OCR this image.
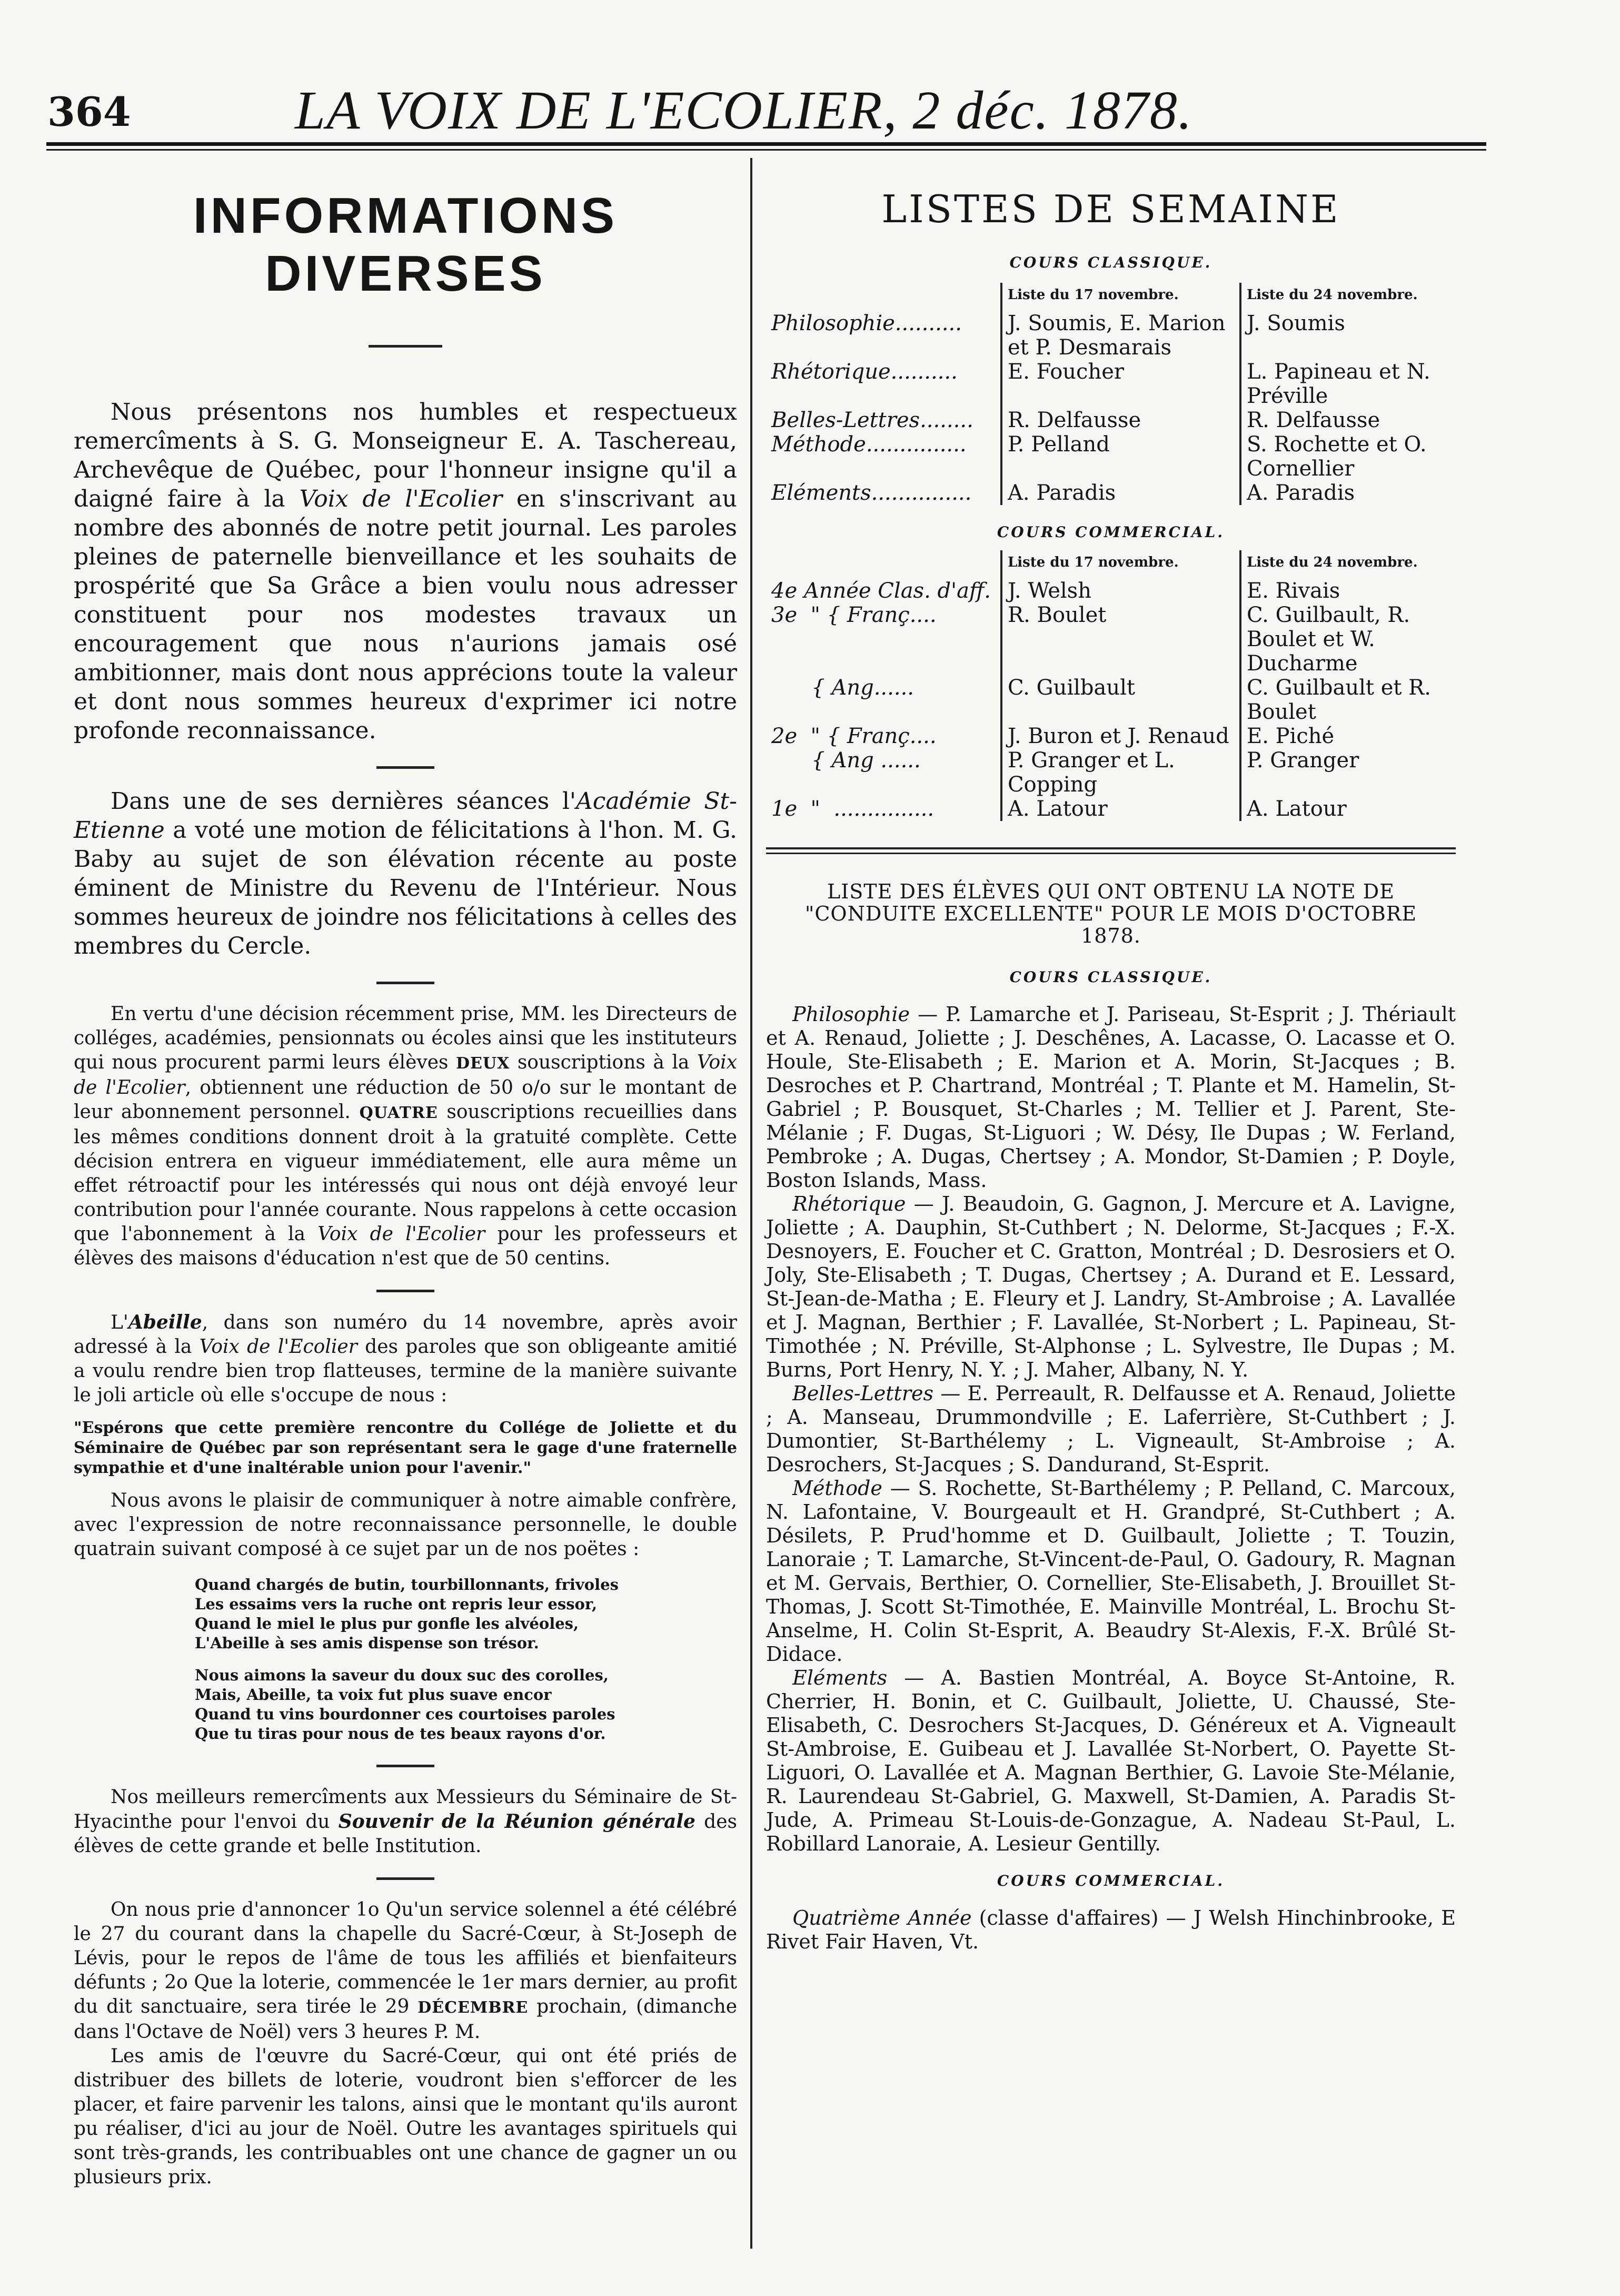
364	LA VOIX DE L'ECOLIER, 2 déc. 1878.

INFORMATIONS DIVERSES

Nous présentons nos humbles et respectueux remercîments à S. G. Monseigneur E. A. Taschereau, Archevêque de Québec, pour l'honneur insigne qu'il a daigné faire à la Voix de l'Ecolier en s'inscrivant au nombre des abonnés de notre petit journal. Les paroles pleines de paternelle bienveillance et les souhaits de prospérité que Sa Grâce a bien voulu nous adresser constituent pour nos modestes travaux un encouragement que nous n'aurions jamais osé ambitionner, mais dont nous apprécions toute la valeur et dont nous sommes heureux d'exprimer ici notre profonde reconnaissance.

Dans une de ses dernières séances l'Académie St-Etienne a voté une motion de félicitations à l'hon. M. G. Baby au sujet de son élévation récente au poste éminent de Ministre du Revenu de l'Intérieur. Nous sommes heureux de joindre nos félicitations à celles des membres du Cercle.

En vertu d'une décision récemment prise, MM. les Directeurs de colléges, académies, pensionnats ou écoles ainsi que les instituteurs qui nous procurent parmi leurs élèves DEUX souscriptions à la Voix de l'Ecolier, obtiennent une réduction de 50 o/o sur le montant de leur abonnement personnel. QUATRE souscriptions recueillies dans les mêmes conditions donnent droit à la gratuité complète. Cette décision entrera en vigueur immédiatement, elle aura même un effet rétroactif pour les intéressés qui nous ont déjà envoyé leur contribution pour l'année courante. Nous rappelons à cette occasion que l'abonnement à la Voix de l'Ecolier pour les professeurs et élèves des maisons d'éducation n'est que de 50 centins.

L'Abeille, dans son numéro du 14 novembre, après avoir adressé à la Voix de l'Ecolier des paroles que son obligeante amitié a voulu rendre bien trop flatteuses, termine de la manière suivante le joli article où elle s'occupe de nous :

"Espérons que cette première rencontre du Collége de Joliette et du Séminaire de Québec par son représentant sera le gage d'une fraternelle sympathie et d'une inaltérable union pour l'avenir."

Nous avons le plaisir de communiquer à notre aimable confrère, avec l'expression de notre reconnaissance personnelle, le double quatrain suivant composé à ce sujet par un de nos poëtes :

Quand chargés de butin, tourbillonnants, frivoles
Les essaims vers la ruche ont repris leur essor,
Quand le miel le plus pur gonfle les alvéoles,
L'Abeille à ses amis dispense son trésor.
Nous aimons la saveur du doux suc des corolles,
Mais, Abeille, ta voix fut plus suave encor
Quand tu vins bourdonner ces courtoises paroles
Que tu tiras pour nous de tes beaux rayons d'or.

Nos meilleurs remercîments aux Messieurs du Séminaire de St-Hyacinthe pour l'envoi du Souvenir de la Réunion générale des élèves de cette grande et belle Institution.

On nous prie d'annoncer 1o Qu'un service solennel a été célébré le 27 du courant dans la chapelle du Sacré-Cœur, à St-Joseph de Lévis, pour le repos de l'âme de tous les affiliés et bienfaiteurs défunts ; 2o Que la loterie, commencée le 1er mars dernier, au profit du dit sanctuaire, sera tirée le 29 DÉCEMBRE prochain, (dimanche dans l'Octave de Noël) vers 3 heures P. M.

Les amis de l'œuvre du Sacré-Cœur, qui ont été priés de distribuer des billets de loterie, voudront bien s'efforcer de les placer, et faire parvenir les talons, ainsi que le montant qu'ils auront pu réaliser, d'ici au jour de Noël. Outre les avantages spirituels qui sont très-grands, les contribuables ont une chance de gagner un ou plusieurs prix.

LISTES DE SEMAINE

COURS CLASSIQUE.
	Liste du 17 novembre.	Liste du 24 novembre.
Philosophie..........	J. Soumis, E. Marion et P. Desmarais	J. Soumis
Rhétorique..........	E. Foucher	L. Papineau et N. Préville
Belles-Lettres........	R. Delfausse	R. Delfausse
Méthode...............	P. Pelland	S. Rochette et O. Cornellier
Eléments...............	A. Paradis	A. Paradis
COURS COMMERCIAL.
	Liste du 17 novembre.	Liste du 24 novembre.
4e Année Clas. d'aff.	J. Welsh	E. Rivais
3e  " { Franç....	R. Boulet	C. Guilbault, R. Boulet et W. Ducharme
{ Ang......	C. Guilbault	C. Guilbault et R. Boulet
2e  " { Franç....	J. Buron et J. Renaud	E. Piché
{ Ang ......	P. Granger et L. Copping	P. Granger
1e  "  ...............	A. Latour	A. Latour

LISTE DES ÉLÈVES QUI ONT OBTENU LA NOTE DE "CONDUITE EXCELLENTE" POUR LE MOIS D'OCTOBRE 1878.

COURS CLASSIQUE.

Philosophie — P. Lamarche et J. Pariseau, St-Esprit ; J. Thériault et A. Renaud, Joliette ; J. Deschênes, A. Lacasse, O. Lacasse et O. Houle, Ste-Elisabeth ; E. Marion et A. Morin, St-Jacques ; B. Desroches et P. Chartrand, Montréal ; T. Plante et M. Hamelin, St-Gabriel ; P. Bousquet, St-Charles ; M. Tellier et J. Parent, Ste-Mélanie ; F. Dugas, St-Liguori ; W. Désy, Ile Dupas ; W. Ferland, Pembroke ; A. Dugas, Chertsey ; A. Mondor, St-Damien ; P. Doyle, Boston Islands, Mass.

Rhétorique — J. Beaudoin, G. Gagnon, J. Mercure et A. Lavigne, Joliette ; A. Dauphin, St-Cuthbert ; N. Delorme, St-Jacques ; F.-X. Desnoyers, E. Foucher et C. Gratton, Montréal ; D. Desrosiers et O. Joly, Ste-Elisabeth ; T. Dugas, Chertsey ; A. Durand et E. Lessard, St-Jean-de-Matha ; E. Fleury et J. Landry, St-Ambroise ; A. Lavallée et J. Magnan, Berthier ; F. Lavallée, St-Norbert ; L. Papineau, St-Timothée ; N. Préville, St-Alphonse ; L. Sylvestre, Ile Dupas ; M. Burns, Port Henry, N. Y. ; J. Maher, Albany, N. Y.

Belles-Lettres — E. Perreault, R. Delfausse et A. Renaud, Joliette ; A. Manseau, Drummondville ; E. Laferrière, St-Cuthbert ; J. Dumontier, St-Barthélemy ; L. Vigneault, St-Ambroise ; A. Desrochers, St-Jacques ; S. Dandurand, St-Esprit.

Méthode — S. Rochette, St-Barthélemy ; P. Pelland, C. Marcoux, N. Lafontaine, V. Bourgeault et H. Grandpré, St-Cuthbert ; A. Désilets, P. Prud'homme et D. Guilbault, Joliette ; T. Touzin, Lanoraie ; T. Lamarche, St-Vincent-de-Paul, O. Gadoury, R. Magnan et M. Gervais, Berthier, O. Cornellier, Ste-Elisabeth, J. Brouillet St-Thomas, J. Scott St-Timothée, E. Mainville Montréal, L. Brochu St-Anselme, H. Colin St-Esprit, A. Beaudry St-Alexis, F.-X. Brûlé St-Didace.

Eléments — A. Bastien Montréal, A. Boyce St-Antoine, R. Cherrier, H. Bonin, et C. Guilbault, Joliette, U. Chaussé, Ste-Elisabeth, C. Desrochers St-Jacques, D. Généreux et A. Vigneault St-Ambroise, E. Guibeau et J. Lavallée St-Norbert, O. Payette St-Liguori, O. Lavallée et A. Magnan Berthier, G. Lavoie Ste-Mélanie, R. Laurendeau St-Gabriel, G. Maxwell, St-Damien, A. Paradis St-Jude, A. Primeau St-Louis-de-Gonzague, A. Nadeau St-Paul, L. Robillard Lanoraie, A. Lesieur Gentilly.

COURS COMMERCIAL.

Quatrième Année (classe d'affaires) — J Welsh Hinchinbrooke, E Rivet Fair Haven, Vt.
